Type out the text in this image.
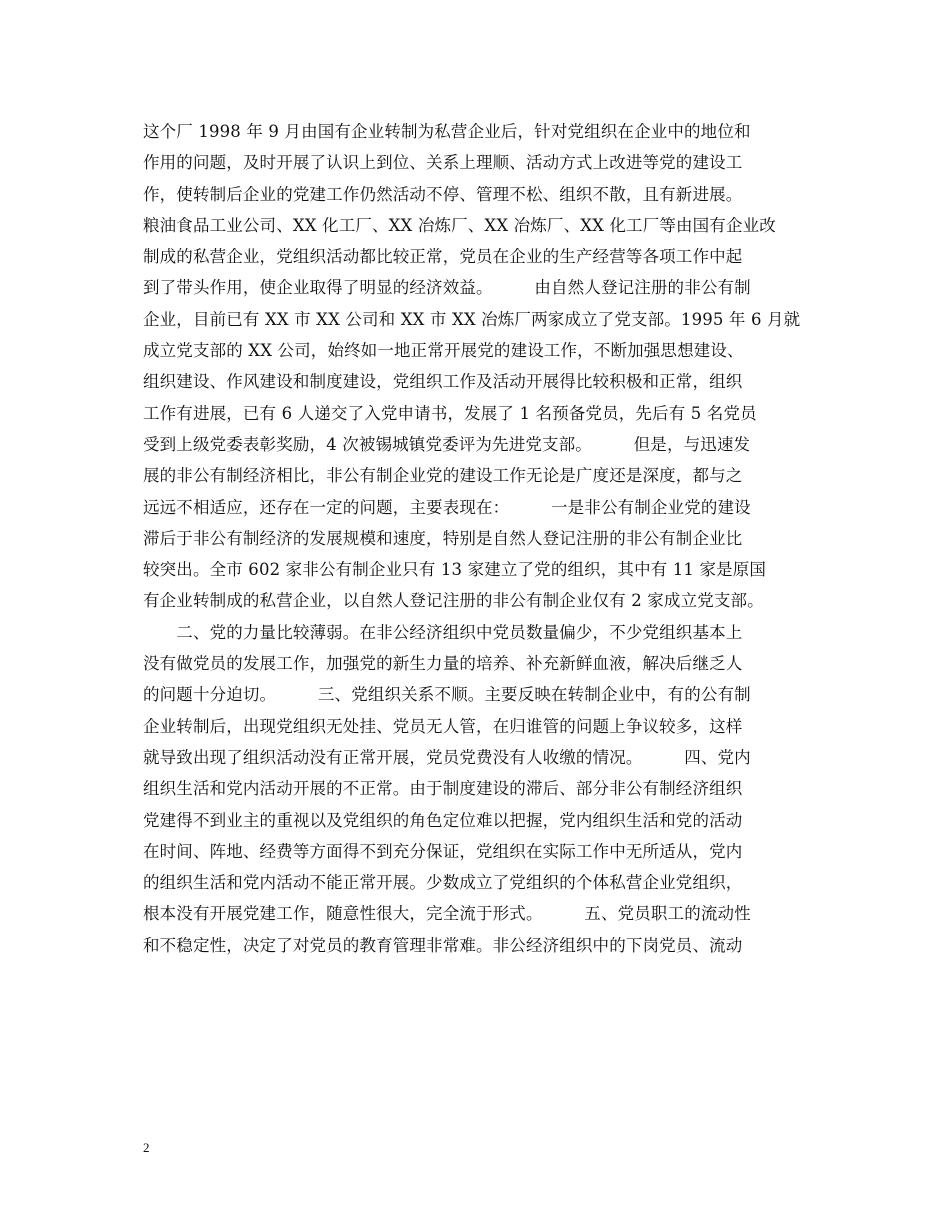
这个厂 1998 年 9 月由国有企业转制为私营企业后，针对党组织在企业中的地位和
作用的问题，及时开展了认识上到位、关系上理顺、活动方式上改进等党的建设工
作，使转制后企业的党建工作仍然活动不停、管理不松、组织不散，且有新进展。
粮油食品工业公司、XX 化工厂、XX 冶炼厂、XX 冶炼厂、XX 化工厂等由国有企业改
制成的私营企业，党组织活动都比较正常，党员在企业的生产经营等各项工作中起
到了带头作用，使企业取得了明显的经济效益。　　　由自然人登记注册的非公有制
企业，目前已有 XX 市 XX 公司和 XX 市 XX 冶炼厂两家成立了党支部。1995 年 6 月就
成立党支部的 XX 公司，始终如一地正常开展党的建设工作，不断加强思想建设、
组织建设、作风建设和制度建设，党组织工作及活动开展得比较积极和正常，组织
工作有进展，已有 6 人递交了入党申请书，发展了 1 名预备党员，先后有 5 名党员
受到上级党委表彰奖励，4 次被锡城镇党委评为先进党支部。　　　但是，与迅速发
展的非公有制经济相比，非公有制企业党的建设工作无论是广度还是深度，都与之
远远不相适应，还存在一定的问题，主要表现在：　　　一是非公有制企业党的建设
滞后于非公有制经济的发展规模和速度，特别是自然人登记注册的非公有制企业比
较突出。全市 602 家非公有制企业只有 13 家建立了党的组织，其中有 11 家是原国
有企业转制成的私营企业，以自然人登记注册的非公有制企业仅有 2 家成立党支部。
　　二、党的力量比较薄弱。在非公经济组织中党员数量偏少，不少党组织基本上
没有做党员的发展工作，加强党的新生力量的培养、补充新鲜血液，解决后继乏人
的问题十分迫切。　　　三、党组织关系不顺。主要反映在转制企业中，有的公有制
企业转制后，出现党组织无处挂、党员无人管，在归谁管的问题上争议较多，这样
就导致出现了组织活动没有正常开展，党员党费没有人收缴的情况。　　　四、党内
组织生活和党内活动开展的不正常。由于制度建设的滞后、部分非公有制经济组织
党建得不到业主的重视以及党组织的角色定位难以把握，党内组织生活和党的活动
在时间、阵地、经费等方面得不到充分保证，党组织在实际工作中无所适从，党内
的组织生活和党内活动不能正常开展。少数成立了党组织的个体私营企业党组织，
根本没有开展党建工作，随意性很大，完全流于形式。　　　五、党员职工的流动性
和不稳定性，决定了对党员的教育管理非常难。非公经济组织中的下岗党员、流动
2
